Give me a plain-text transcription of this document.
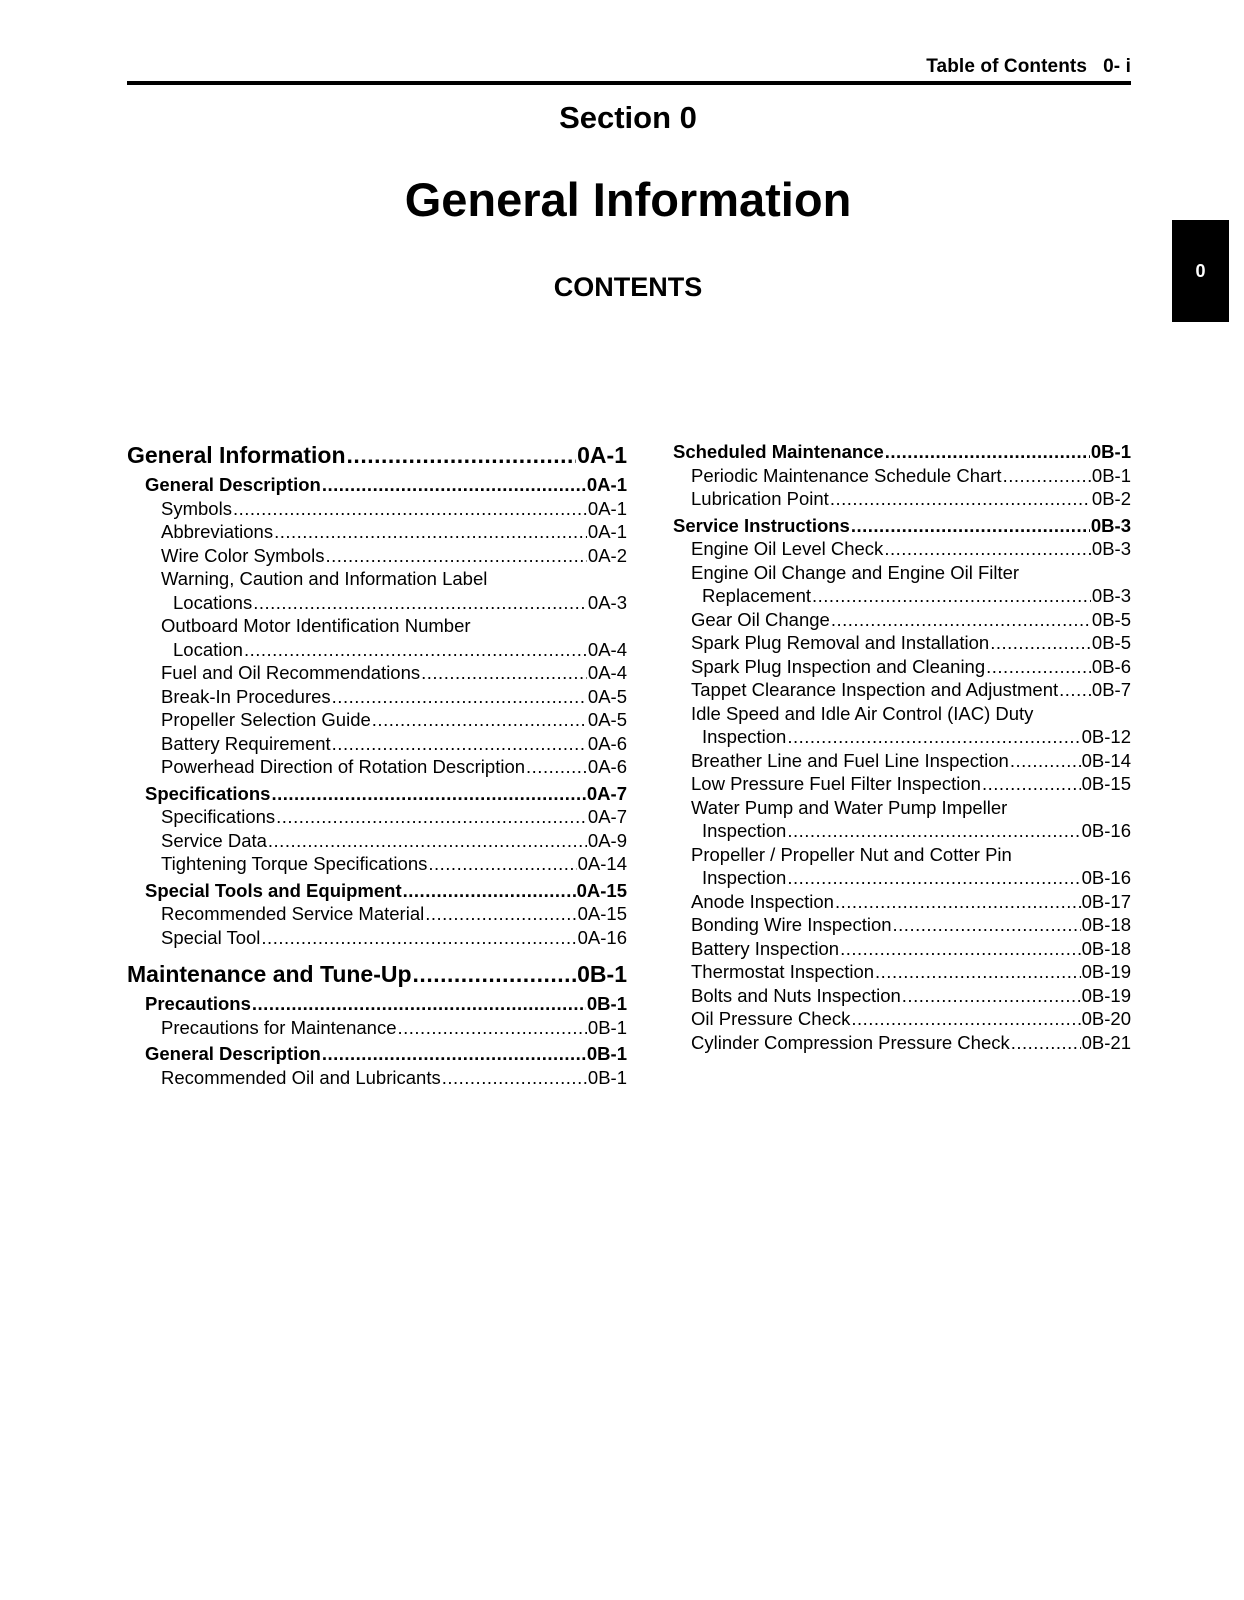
Table of Contents   0- i
Section 0
General Information
CONTENTS
0
General Information .....	0A-1
General Description .....	0A-1
Symbols .....	0A-1
Abbreviations .....	0A-1
Wire Color Symbols .....	0A-2
Warning, Caution and Information Label
Locations .....	0A-3
Outboard Motor Identification Number
Location .....	0A-4
Fuel and Oil Recommendations .....	0A-4
Break-In Procedures .....	0A-5
Propeller Selection Guide .....	0A-5
Battery Requirement .....	0A-6
Powerhead Direction of Rotation Description .....	0A-6
Specifications .....	0A-7
Specifications .....	0A-7
Service Data .....	0A-9
Tightening Torque Specifications .....	0A-14
Special Tools and Equipment .....	0A-15
Recommended Service Material .....	0A-15
Special Tool .....	0A-16
Maintenance and Tune-Up .....	0B-1
Precautions .....	0B-1
Precautions for Maintenance .....	0B-1
General Description .....	0B-1
Recommended Oil and Lubricants .....	0B-1
Scheduled Maintenance .....	0B-1
Periodic Maintenance Schedule Chart .....	0B-1
Lubrication Point .....	0B-2
Service Instructions .....	0B-3
Engine Oil Level Check .....	0B-3
Engine Oil Change and Engine Oil Filter
Replacement .....	0B-3
Gear Oil Change .....	0B-5
Spark Plug Removal and Installation .....	0B-5
Spark Plug Inspection and Cleaning .....	0B-6
Tappet Clearance Inspection and Adjustment ..... 0B-7
Idle Speed and Idle Air Control (IAC) Duty
Inspection .....	0B-12
Breather Line and Fuel Line Inspection .....	0B-14
Low Pressure Fuel Filter Inspection .....	0B-15
Water Pump and Water Pump Impeller
Inspection .....	0B-16
Propeller / Propeller Nut and Cotter Pin
Inspection .....	0B-16
Anode Inspection .....	0B-17
Bonding Wire Inspection .....	0B-18
Battery Inspection .....	0B-18
Thermostat Inspection .....	0B-19
Bolts and Nuts Inspection .....	0B-19
Oil Pressure Check .....	0B-20
Cylinder Compression Pressure Check .....	0B-21
